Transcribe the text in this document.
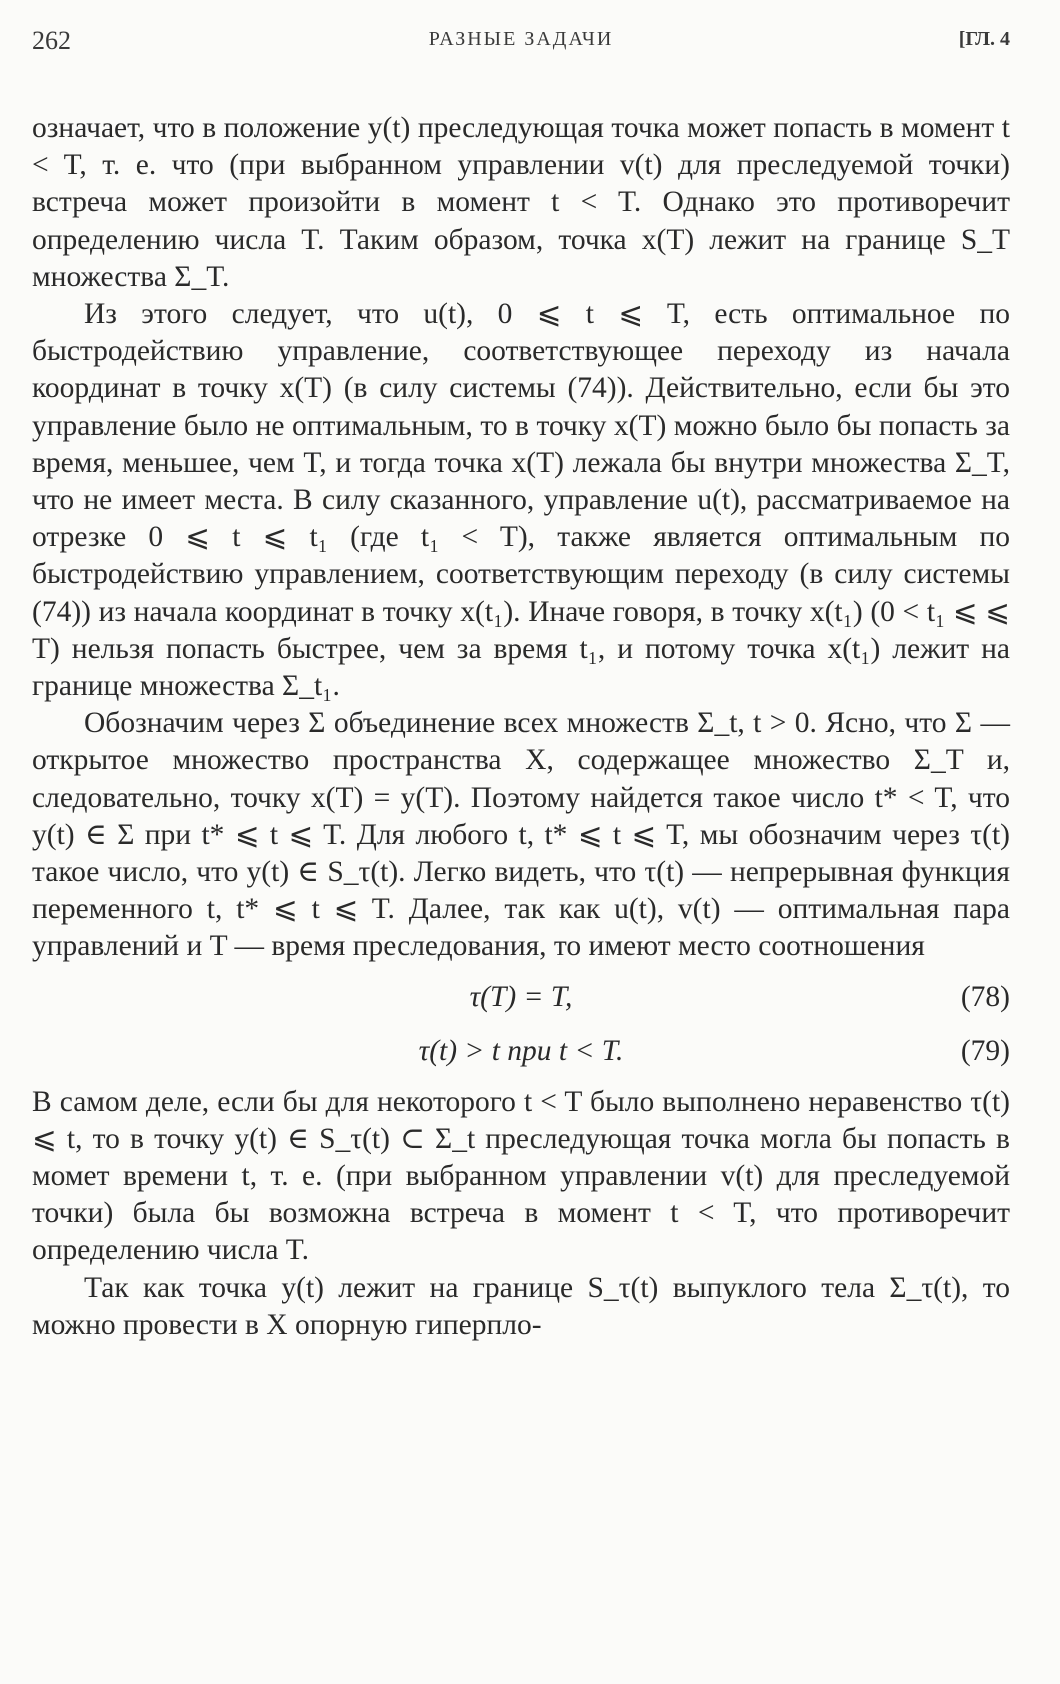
262	РАЗНЫЕ ЗАДАЧИ	[ГЛ. 4

означает, что в положение y(t) преследующая точка может попасть в момент t < T, т. е. что (при выбранном управлении v(t) для преследуемой точки) встреча может произойти в момент t < T. Однако это противоречит определению числа T. Таким образом, точка x(T) лежит на границе S_T множества Σ_T.

Из этого следует, что u(t), 0 ⩽ t ⩽ T, есть оптимальное по быстродействию управление, соответствующее переходу из начала координат в точку x(T) (в силу системы (74)). Действительно, если бы это управление было не оптимальным, то в точку x(T) можно было бы попасть за время, меньшее, чем T, и тогда точка x(T) лежала бы внутри множества Σ_T, что не имеет места. В силу сказанного, управление u(t), рассматриваемое на отрезке 0 ⩽ t ⩽ t₁ (где t₁ < T), также является оптимальным по быстродействию управлением, соответствующим переходу (в силу системы (74)) из начала координат в точку x(t₁). Иначе говоря, в точку x(t₁) (0 < t₁ ⩽ ⩽ T) нельзя попасть быстрее, чем за время t₁, и потому точка x(t₁) лежит на границе множества Σ_t₁.

Обозначим через Σ объединение всех множеств Σ_t, t > 0. Ясно, что Σ — открытое множество пространства X, содержащее множество Σ_T и, следовательно, точку x(T) = y(T). Поэтому найдется такое число t* < T, что y(t) ∈ Σ при t* ⩽ t ⩽ T. Для любого t, t* ⩽ t ⩽ T, мы обозначим через τ(t) такое число, что y(t) ∈ S_τ(t). Легко видеть, что τ(t) — непрерывная функция переменного t, t* ⩽ t ⩽ T. Далее, так как u(t), v(t) — оптимальная пара управлений и T — время преследования, то имеют место соотношения

τ(T) = T,	(78)
τ(t) > t при t < T.	(79)

В самом деле, если бы для некоторого t < T было выполнено неравенство τ(t) ⩽ t, то в точку y(t) ∈ S_τ(t) ⊂ Σ_t преследующая точка могла бы попасть в момет времени t, т. е. (при выбранном управлении v(t) для преследуемой точки) была бы возможна встреча в момент t < T, что противоречит определению числа T.

Так как точка y(t) лежит на границе S_τ(t) выпуклого тела Σ_τ(t), то можно провести в X опорную гиперпло-
